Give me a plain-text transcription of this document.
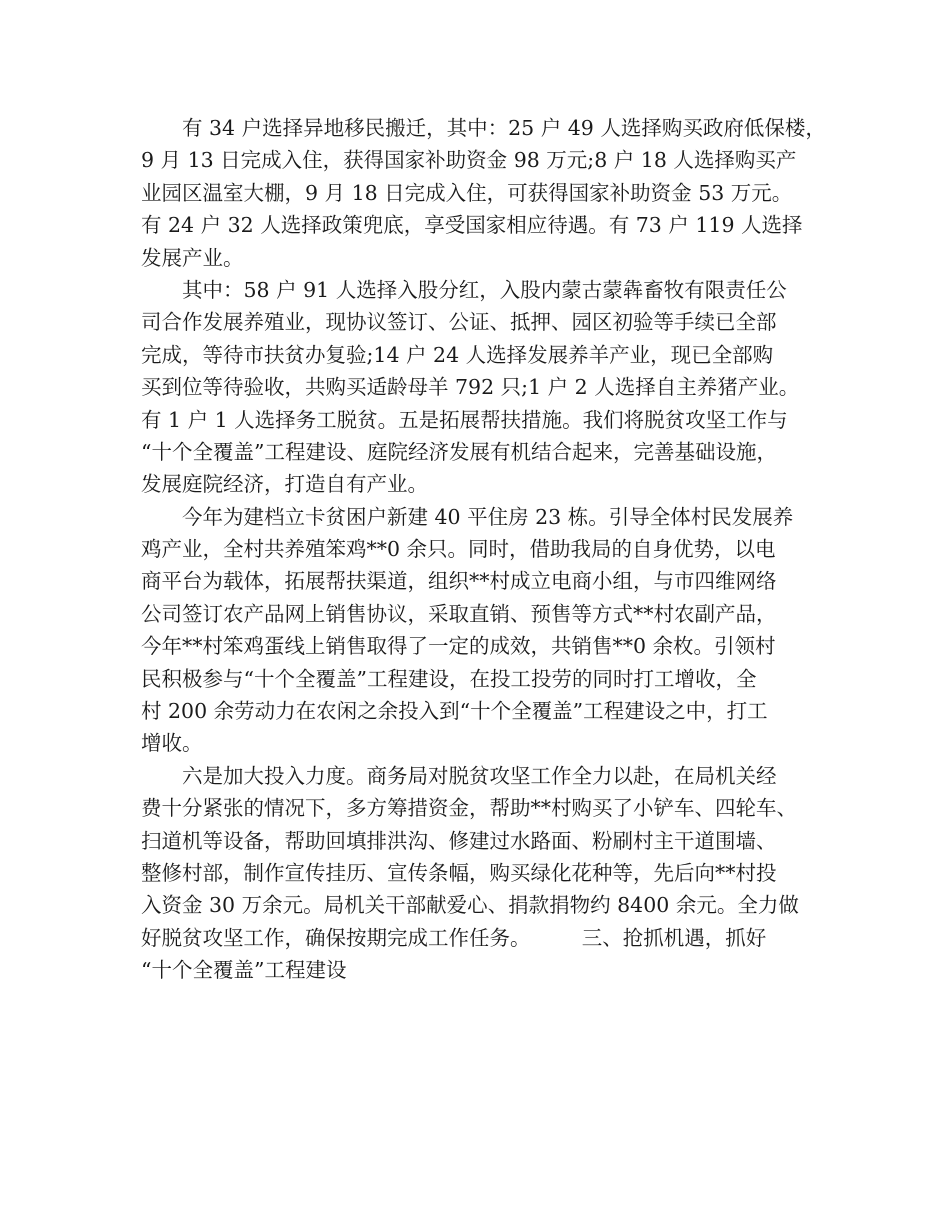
　　有 34 户选择异地移民搬迁，其中：25 户 49 人选择购买政府低保楼，
9 月 13 日完成入住，获得国家补助资金 98 万元;8 户 18 人选择购买产
业园区温室大棚，9 月 18 日完成入住，可获得国家补助资金 53 万元。
有 24 户 32 人选择政策兜底，享受国家相应待遇。有 73 户 119 人选择
发展产业。
　　其中：58 户 91 人选择入股分红，入股内蒙古蒙犇畜牧有限责任公
司合作发展养殖业，现协议签订、公证、抵押、园区初验等手续已全部
完成，等待市扶贫办复验;14 户 24 人选择发展养羊产业，现已全部购
买到位等待验收，共购买适龄母羊 792 只;1 户 2 人选择自主养猪产业。
有 1 户 1 人选择务工脱贫。五是拓展帮扶措施。我们将脱贫攻坚工作与
“十个全覆盖”工程建设、庭院经济发展有机结合起来，完善基础设施，
发展庭院经济，打造自有产业。
　　今年为建档立卡贫困户新建 40 平住房 23 栋。引导全体村民发展养
鸡产业，全村共养殖笨鸡**0 余只。同时，借助我局的自身优势，以电
商平台为载体，拓展帮扶渠道，组织**村成立电商小组，与市四维网络
公司签订农产品网上销售协议，采取直销、预售等方式**村农副产品，
今年**村笨鸡蛋线上销售取得了一定的成效，共销售**0 余枚。引领村
民积极参与“十个全覆盖”工程建设，在投工投劳的同时打工增收，全
村 200 余劳动力在农闲之余投入到“十个全覆盖”工程建设之中，打工
增收。
　　六是加大投入力度。商务局对脱贫攻坚工作全力以赴，在局机关经
费十分紧张的情况下，多方筹措资金，帮助**村购买了小铲车、四轮车、
扫道机等设备，帮助回填排洪沟、修建过水路面、粉刷村主干道围墙、
整修村部，制作宣传挂历、宣传条幅，购买绿化花种等，先后向**村投
入资金 30 万余元。局机关干部献爱心、捐款捐物约 8400 余元。全力做
好脱贫攻坚工作，确保按期完成工作任务。　　　三、抢抓机遇，抓好
“十个全覆盖”工程建设
